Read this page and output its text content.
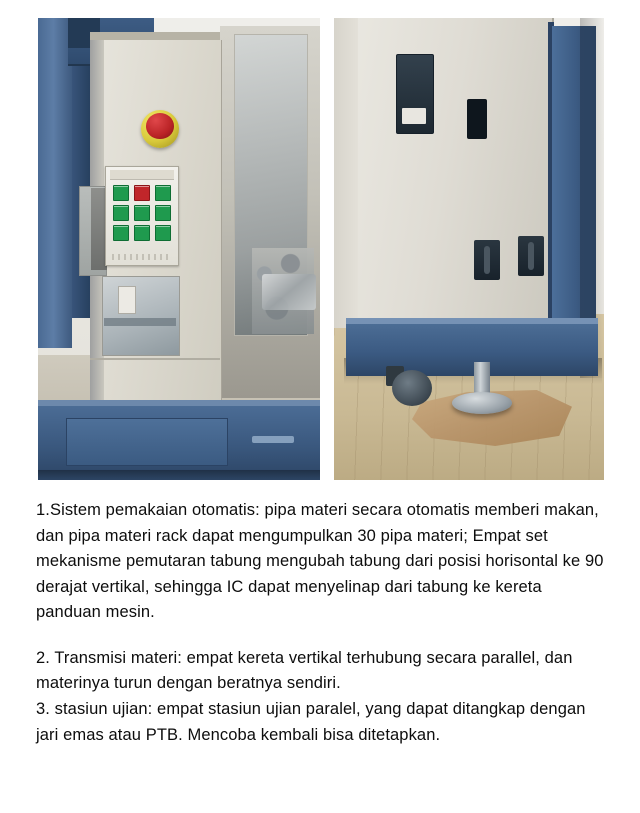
1.Sistem pemakaian otomatis: pipa materi secara otomatis memberi makan, dan pipa materi rack dapat mengumpulkan 30 pipa materi; Empat set mekanisme pemutaran tabung mengubah tabung dari posisi horisontal ke 90 derajat vertikal, sehingga IC dapat menyelinap dari tabung ke kereta panduan mesin.

2. Transmisi materi: empat kereta vertikal terhubung secara parallel, dan materinya turun dengan beratnya sendiri.

3. stasiun ujian: empat stasiun ujian paralel, yang dapat ditangkap dengan jari emas atau PTB. Mencoba kembali bisa ditetapkan.
